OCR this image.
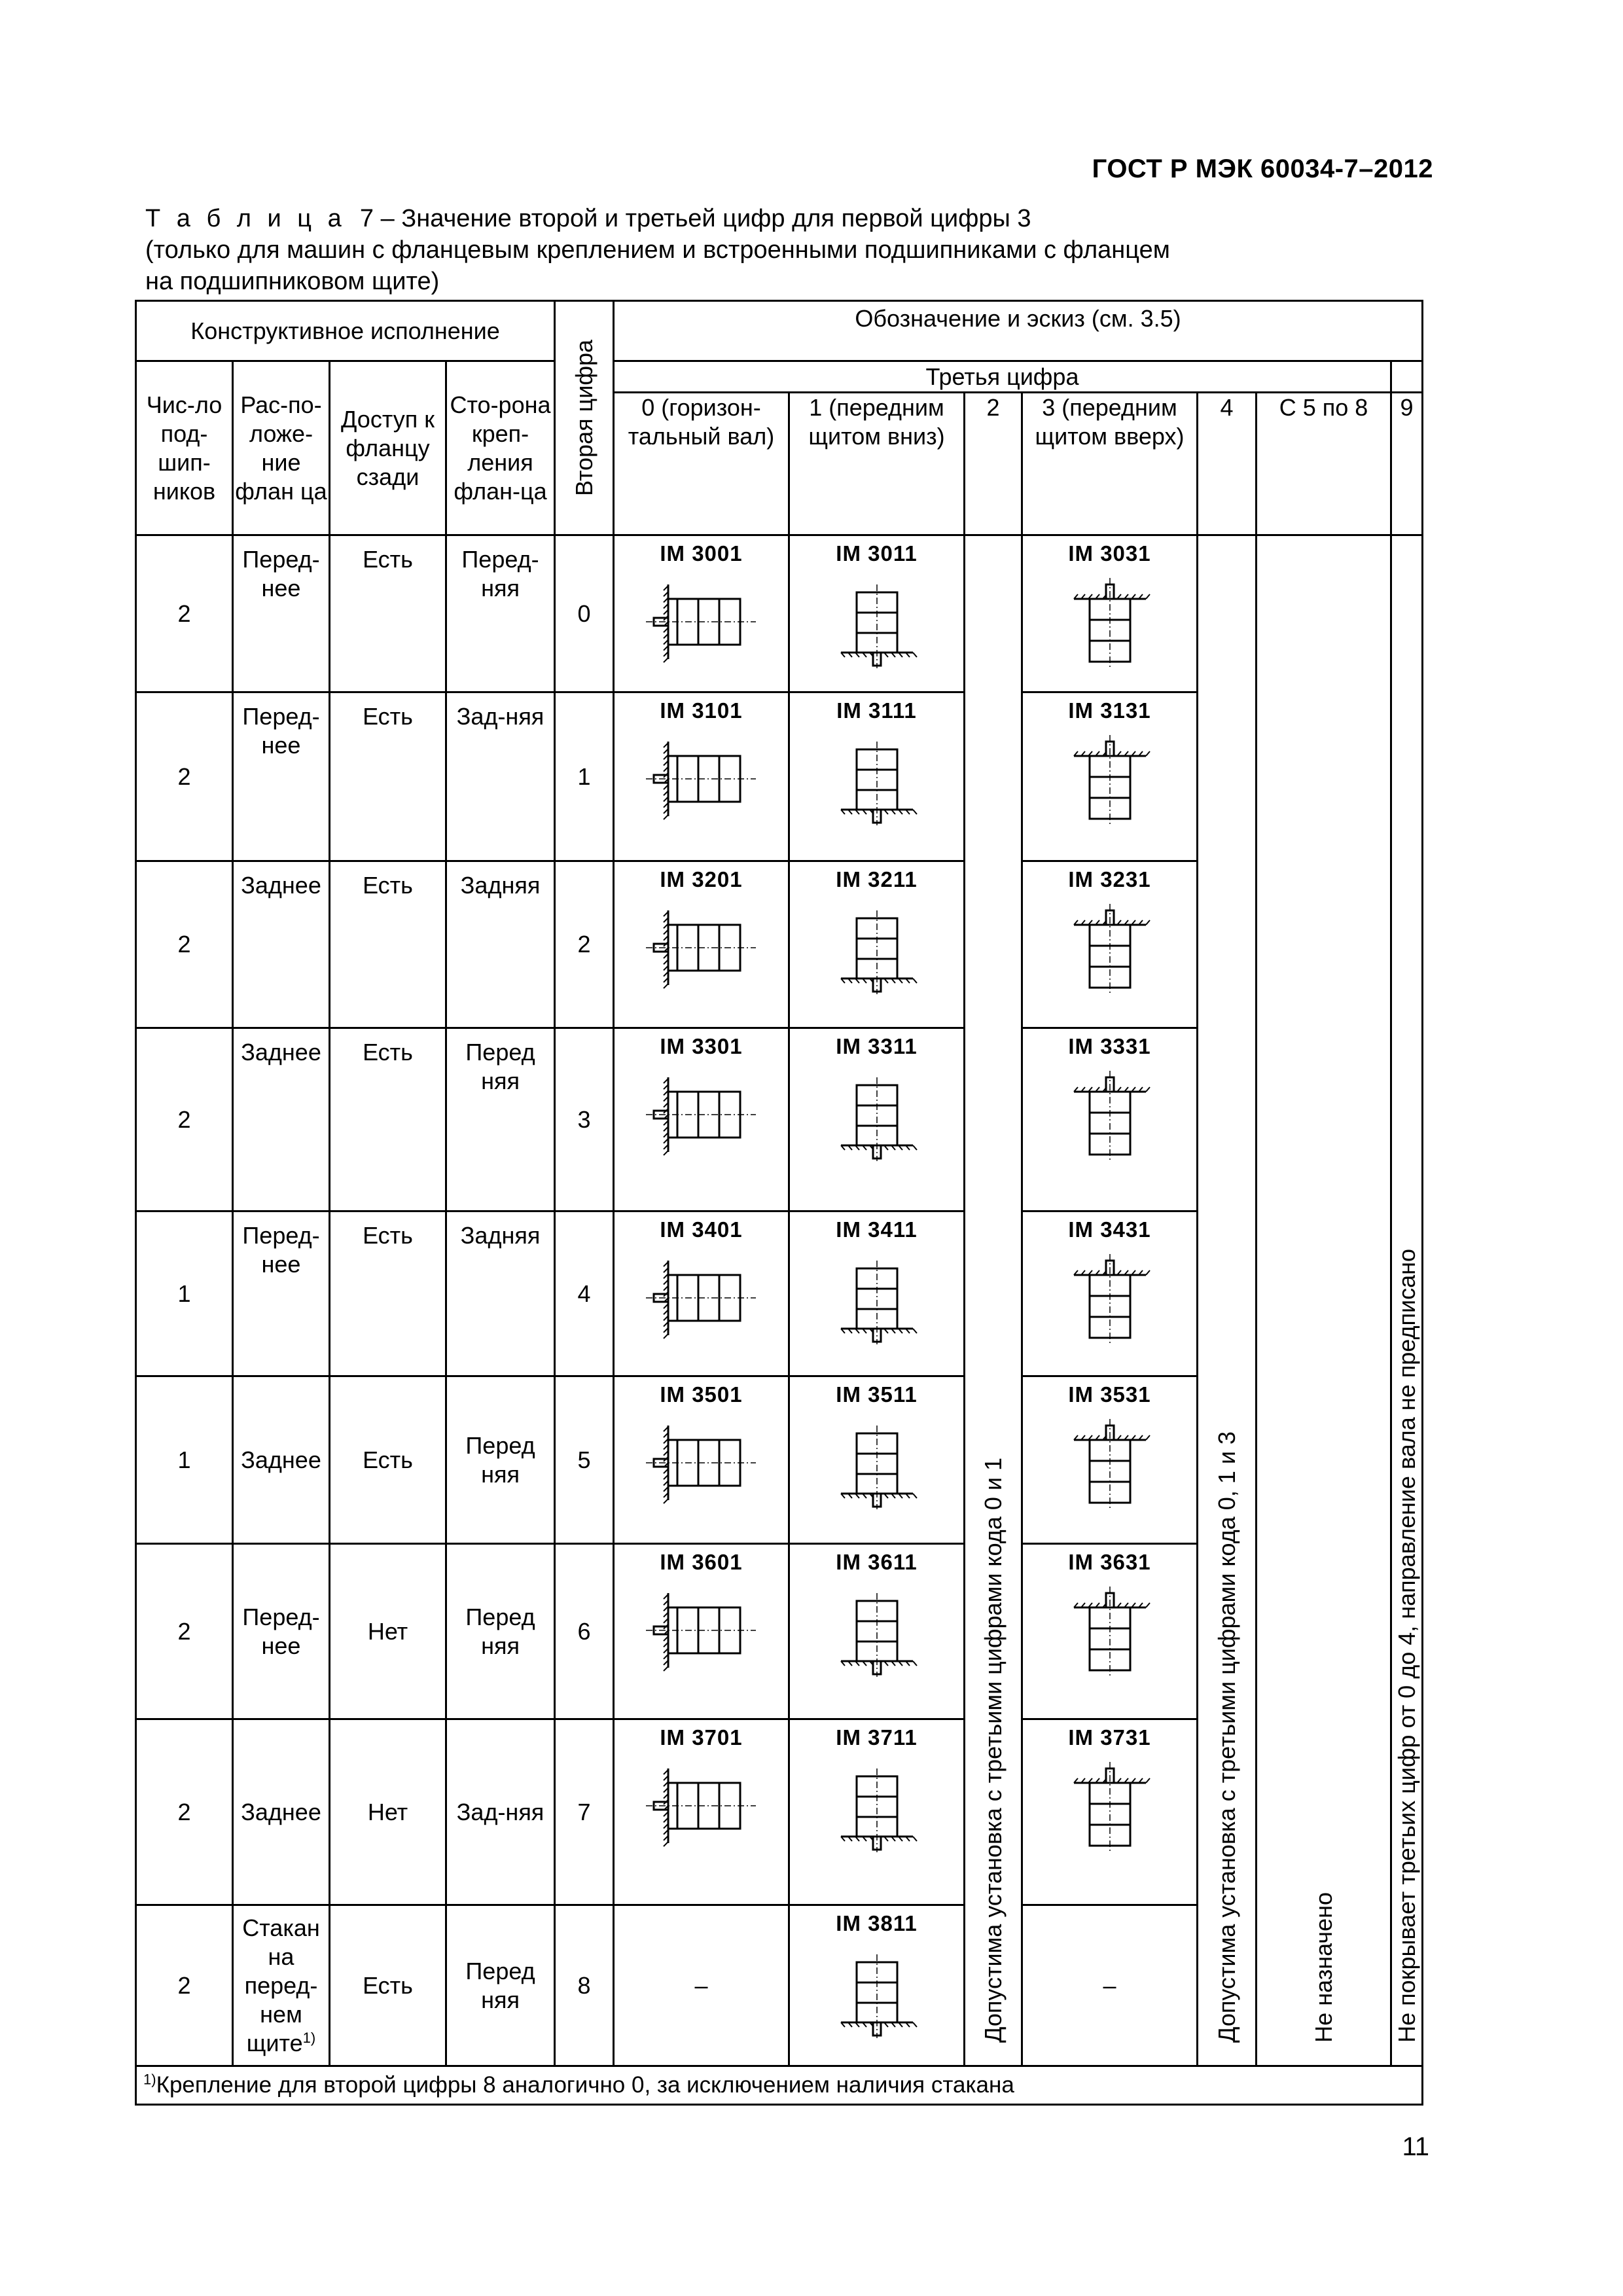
ГОСТ Р МЭК 60034-7–2012
Т а б л и ц а 7 – Значение второй и третьей цифр для первой цифры 3
(только для машин с фланцевым креплением и встроенными подшипниками с фланцем
на подшипниковом щите)
Конструктивное исполнение				Вторая цифра	Обозначение и эскиз (см. 3.5)						
Чис-ло под-шип-ников	Рас-по-ложе-ние флан ца	Доступ к фланцу сзади	Сто-рона креп-ления флан-ца		Третья цифра						
					0 (горизон-тальный вал)	1 (передним щитом вниз)	2	3 (передним щитом вверх)	4	С 5 по 8	9
2	Перед-нее	Есть	Перед-няя	0	IM 3001	IM 3011	Допустима установка с третьими цифрами кода 0 и 1	IM 3031	Допустима установка с третьими цифрами кода 0, 1 и 3	Не назначено	Не покрывает третьих цифр от 0 до 4, направление вала не предписано
2	Перед-нее	Есть	Зад-няя	1	IM 3101	IM 3111		IM 3131			

2	Заднее	Есть	Задняя	2	IM 3201	IM 3211		IM 3231			

2	Заднее	Есть	Перед няя	3	IM 3301	IM 3311		IM 3331			

1	Перед-нее	Есть	Задняя	4	IM 3401	IM 3411		IM 3431			

1	Заднее	Есть	Перед няя	5	IM 3501	IM 3511		IM 3531			

2	Перед-нее	Нет	Перед няя	6	IM 3601	IM 3611		IM 3631			

2	Заднее	Нет	Зад-няя	7	IM 3701	IM 3711		IM 3731			

2	Стакан на перед-нем щите$^{1)}$	Есть	Перед няя	8	–	IM 3811		–			
$^{1)}$Крепление для второй цифры 8 аналогично 0, за исключением наличия стакана											
11
